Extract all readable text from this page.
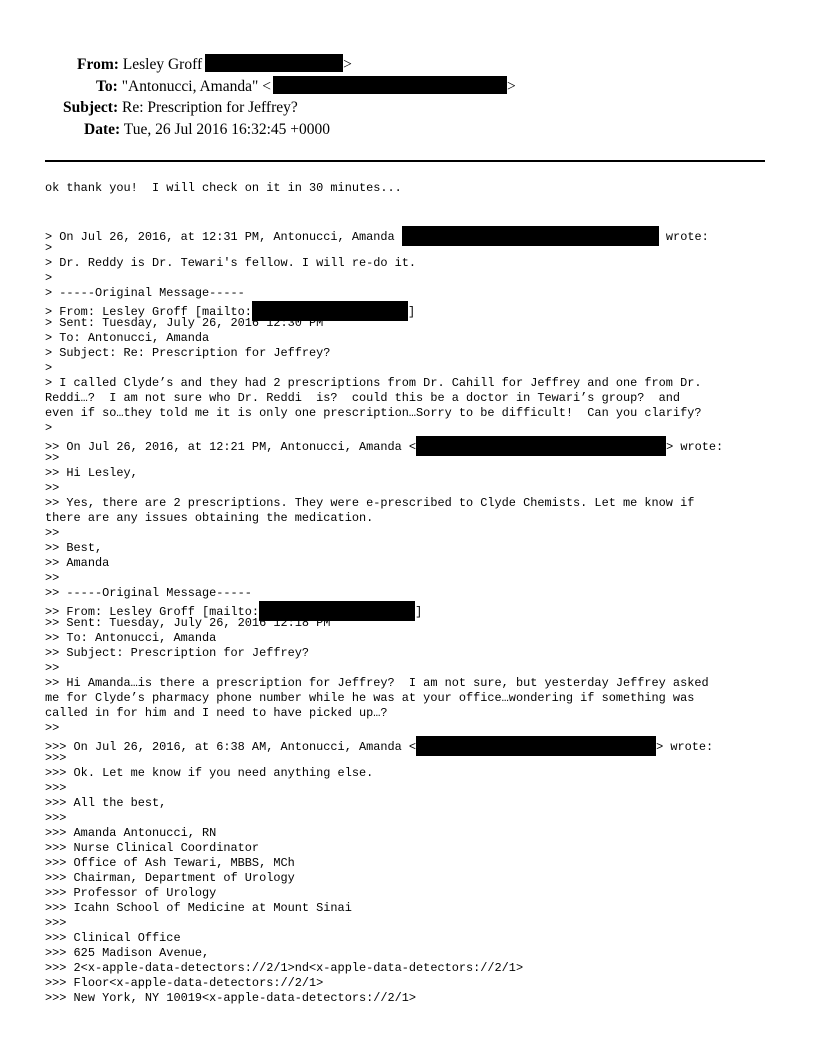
From: Lesley Groff	>
To: "Antonucci, Amanda" <	>
Subject: Re: Prescription for Jeffrey?
Date: Tue, 26 Jul 2016 16:32:45 +0000
ok thank you!  I will check on it in 30 minutes...
> On Jul 26, 2016, at 12:31 PM, Antonucci, Amanda	wrote:
>
> Dr. Reddy is Dr. Tewari's fellow. I will re-do it.
>
> -----Original Message-----
> From: Lesley Groff [mailto:	]
> Sent: Tuesday, July 26, 2016 12:30 PM
> To: Antonucci, Amanda
> Subject: Re: Prescription for Jeffrey?
>
> I called Clyde’s and they had 2 prescriptions from Dr. Cahill for Jeffrey and one from Dr.
Reddi…?  I am not sure who Dr. Reddi  is?  could this be a doctor in Tewari’s group?  and
even if so…they told me it is only one prescription…Sorry to be difficult!  Can you clarify?
>
>> On Jul 26, 2016, at 12:21 PM, Antonucci, Amanda <	> wrote:
>>
>> Hi Lesley,
>>
>> Yes, there are 2 prescriptions. They were e-prescribed to Clyde Chemists. Let me know if
there are any issues obtaining the medication.
>>
>> Best,
>> Amanda
>>
>> -----Original Message-----
>> From: Lesley Groff [mailto:	]
>> Sent: Tuesday, July 26, 2016 12:18 PM
>> To: Antonucci, Amanda
>> Subject: Prescription for Jeffrey?
>>
>> Hi Amanda…is there a prescription for Jeffrey?  I am not sure, but yesterday Jeffrey asked
me for Clyde’s pharmacy phone number while he was at your office…wondering if something was
called in for him and I need to have picked up…?
>>
>>> On Jul 26, 2016, at 6:38 AM, Antonucci, Amanda <	> wrote:
>>>
>>> Ok. Let me know if you need anything else.
>>>
>>> All the best,
>>>
>>> Amanda Antonucci, RN
>>> Nurse Clinical Coordinator
>>> Office of Ash Tewari, MBBS, MCh
>>> Chairman, Department of Urology
>>> Professor of Urology
>>> Icahn School of Medicine at Mount Sinai
>>>
>>> Clinical Office
>>> 625 Madison Avenue,
>>> 2<x-apple-data-detectors://2/1>nd<x-apple-data-detectors://2/1>
>>> Floor<x-apple-data-detectors://2/1>
>>> New York, NY 10019<x-apple-data-detectors://2/1>
